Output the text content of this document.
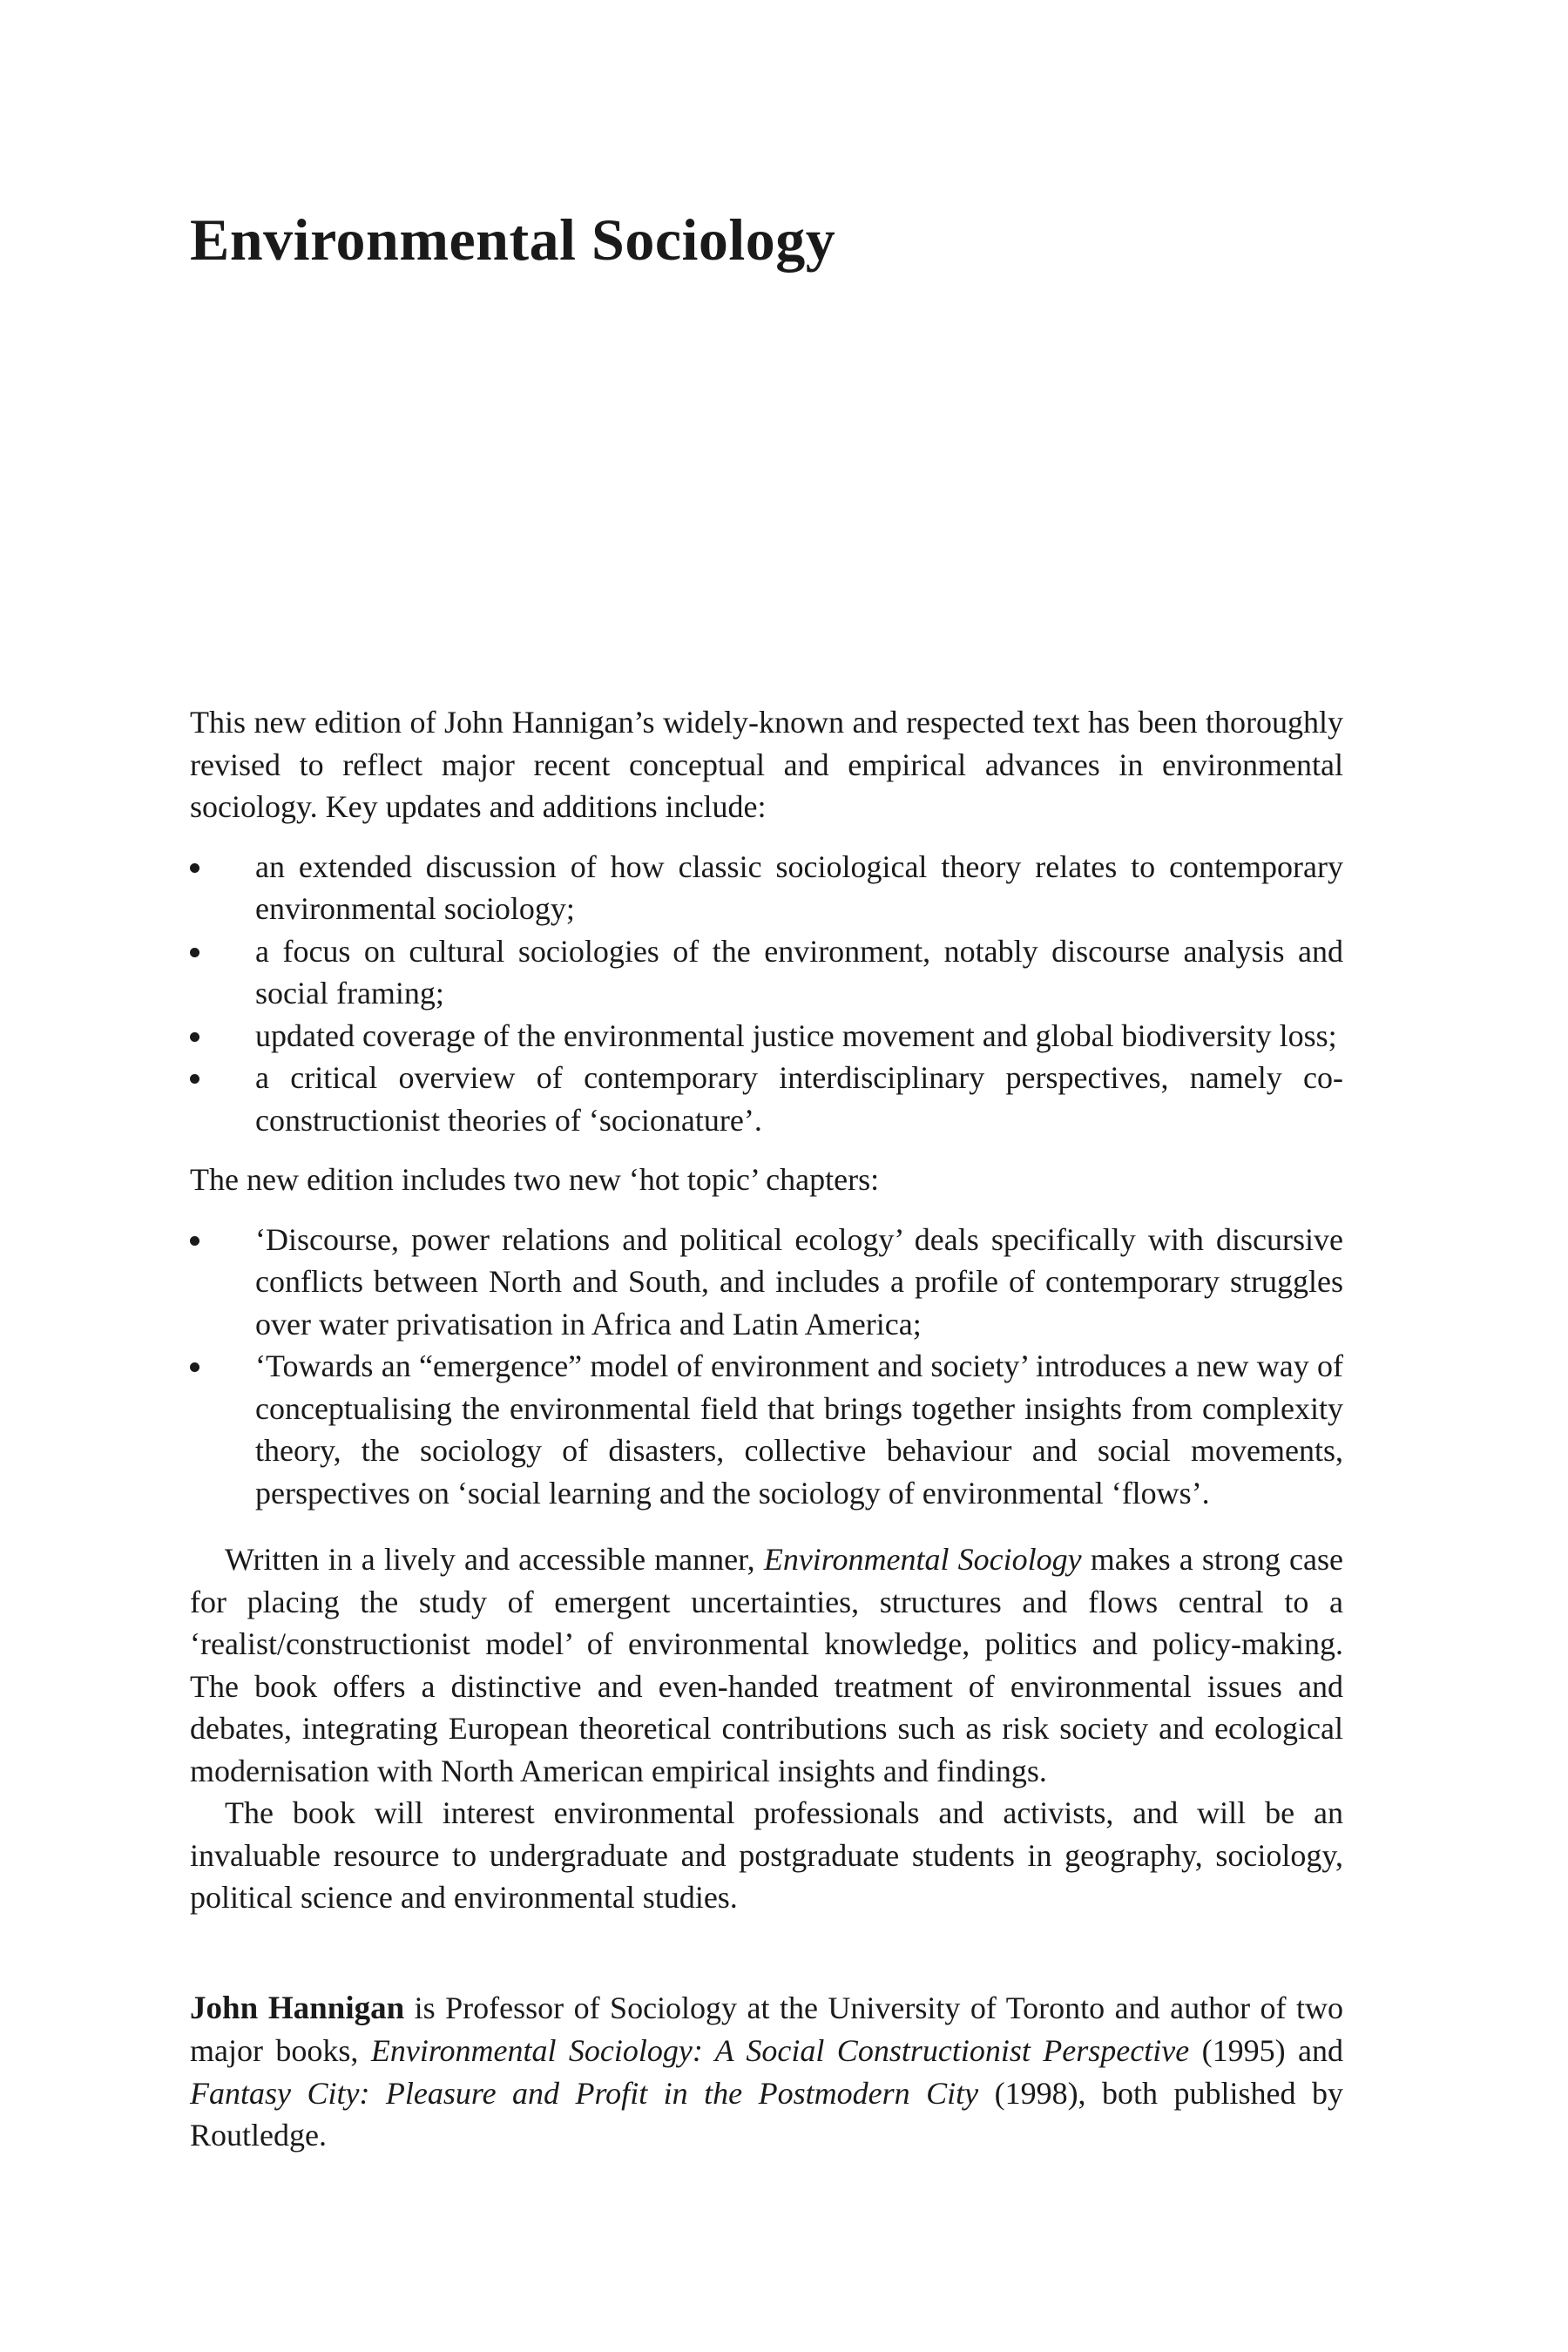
Environmental Sociology

This new edition of John Hannigan’s widely-known and respected text has been thoroughly revised to reflect major recent conceptual and empirical advances in environmental sociology. Key updates and additions include:

an extended discussion of how classic sociological theory relates to contemporary environmental sociology;
a focus on cultural sociologies of the environment, notably discourse analysis and social framing;
updated coverage of the environmental justice movement and global biodiversity loss;
a critical overview of contemporary interdisciplinary perspectives, namely co-constructionist theories of ‘socionature’.

The new edition includes two new ‘hot topic’ chapters:

‘Discourse, power relations and political ecology’ deals specifically with discursive conflicts between North and South, and includes a profile of contemporary struggles over water privatisation in Africa and Latin America;
‘Towards an “emergence” model of environment and society’ introduces a new way of conceptualising the environmental field that brings together insights from complexity theory, the sociology of disasters, collective behaviour and social movements, perspectives on ‘social learning and the sociology of environmental ‘flows’.

Written in a lively and accessible manner, Environmental Sociology makes a strong case for placing the study of emergent uncertainties, structures and flows central to a ‘realist/constructionist model’ of environmental knowledge, politics and policy-making. The book offers a distinctive and even-handed treatment of environmental issues and debates, integrating European theoretical contributions such as risk society and ecological modernisation with North American empirical insights and findings.

The book will interest environmental professionals and activists, and will be an invaluable resource to undergraduate and postgraduate students in geography, sociology, political science and environmental studies.

John Hannigan is Professor of Sociology at the University of Toronto and author of two major books, Environmental Sociology: A Social Constructionist Perspective (1995) and Fantasy City: Pleasure and Profit in the Postmodern City (1998), both published by Routledge.
